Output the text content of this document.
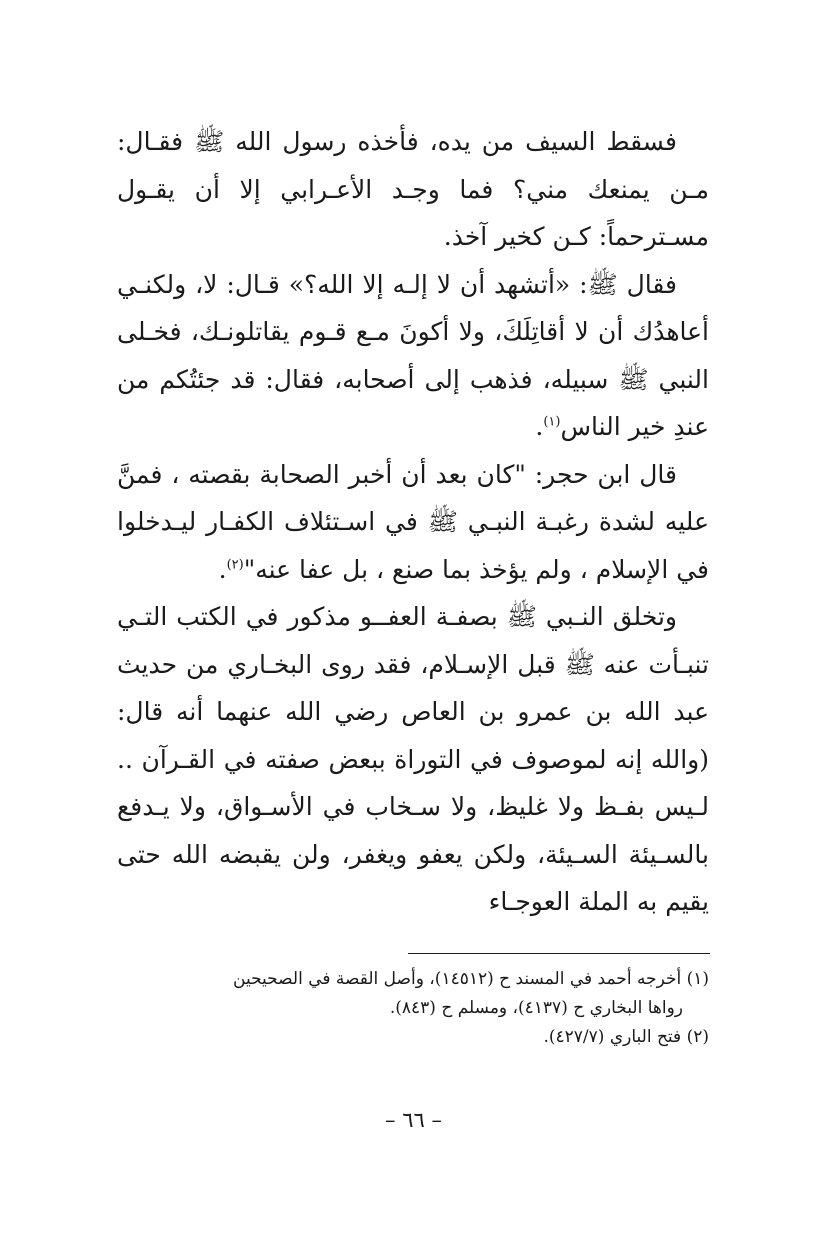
فسقط السيف من يده، فأخذه رسول الله ﷺ فقـال: مـن يمنعك مني؟ فما وجـد الأعـرابي إلا أن يقـول مسـترحماً: كـن كخير آخذ.

فقال ﷺ: «أتشهد أن لا إلـه إلا الله؟» قـال: لا، ولكنـي أعاهدُك أن لا أقاتِلَكَ، ولا أكونَ مـع قـوم يقاتلونـك، فخـلى النبي ﷺ سبيله، فذهب إلى أصحابه، فقال: قد جئتُكم من عندِ خير الناس$^{(١)}$.

قال ابن حجر: "كان بعد أن أخبر الصحابة بقصته ، فمنَّ عليه لشدة رغبـة النبـي ﷺ في اسـتئلاف الكفـار ليـدخلوا في الإسلام ، ولم يؤخذ بما صنع ، بل عفا عنه"$^{(٢)}$.

وتخلق النـبي ﷺ بصفـة العفــو مذكور في الكتب التـي تنبـأت عنه ﷺ قبل الإسـلام، فقد روى البخـاري من حديث عبد الله بن عمرو بن العاص رضي الله عنهما أنه قال: (والله إنه لموصوف في التوراة ببعض صفته في القـرآن .. لـيس بفـظ ولا غليظ، ولا سـخاب في الأسـواق، ولا يـدفع بالسـيئة السـيئة، ولكن يعفو ويغفر، ولن يقبضه الله حتى يقيم به الملة العوجـاء

(١) أخرجه أحمد في المسند ح (١٤٥١٢)، وأصل القصة في الصحيحين

رواها البخاري ح (٤١٣٧)، ومسلم ح (٨٤٣).

(٢) فتح الباري (٤٢٧/٧).

– ٦٦ –
